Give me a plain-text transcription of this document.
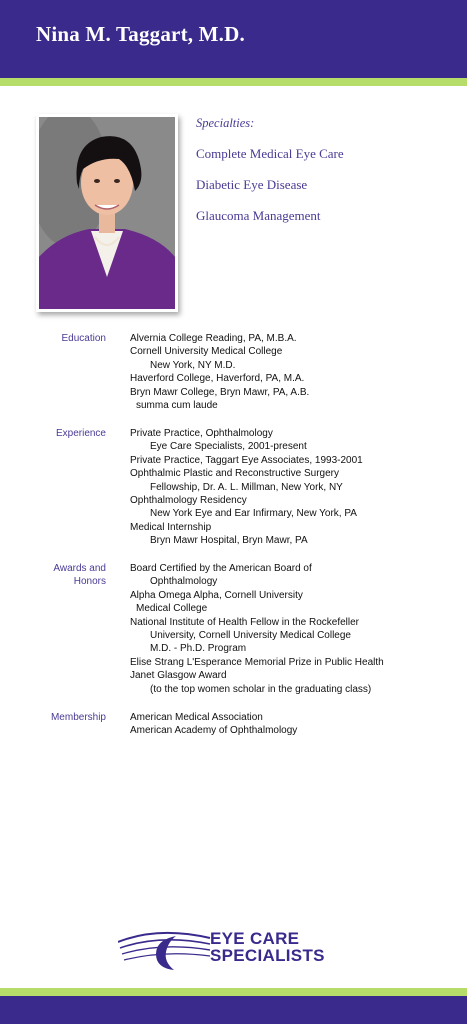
Nina M. Taggart, M.D.
Specialties:
Complete Medical Eye Care
Diabetic Eye Disease
Glaucoma Management
Education Alvernia College Reading, PA, M.B.A.
Cornell University Medical College
New York, NY M.D.
Haverford College, Haverford, PA, M.A.
Bryn Mawr College, Bryn Mawr, PA, A.B.
summa cum laude
Experience Private Practice, Ophthalmology
Eye Care Specialists, 2001-present
Private Practice, Taggart Eye Associates, 1993-2001
Ophthalmic Plastic and Reconstructive Surgery
Fellowship, Dr. A. L. Millman, New York, NY
Ophthalmology Residency
New York Eye and Ear Infirmary, New York, PA
Medical Internship
Bryn Mawr Hospital, Bryn Mawr, PA
Awards and
Honors
Board Certified by the American Board of
Ophthalmology
Alpha Omega Alpha, Cornell University
Medical College
National Institute of Health Fellow in the Rockefeller
University, Cornell University Medical College
M.D. - Ph.D. Program
Elise Strang L'Esperance Memorial Prize in Public Health
Janet Glasgow Award
(to the top women scholar in the graduating class)
Membership American Medical Association
American Academy of Ophthalmology
EYE CARE
SPECIALISTS
